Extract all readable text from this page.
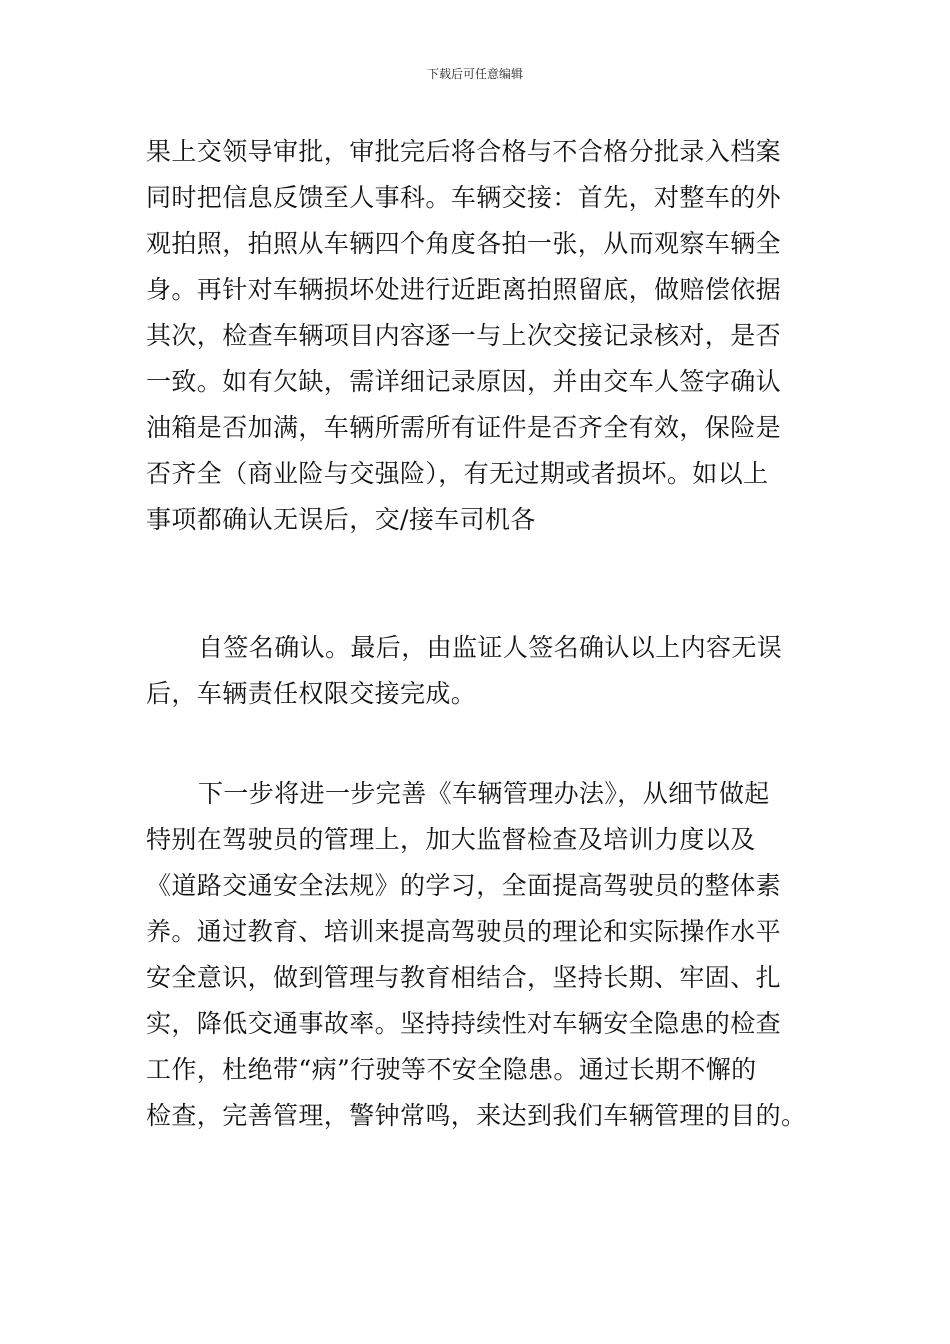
下载后可任意编辑
果上交领导审批，审批完后将合格与不合格分批录入档案
同时把信息反馈至人事科。车辆交接：首先，对整车的外
观拍照，拍照从车辆四个角度各拍一张，从而观察车辆全
身。再针对车辆损坏处进行近距离拍照留底，做赔偿依据
其次，检查车辆项目内容逐一与上次交接记录核对，是否
一致。如有欠缺，需详细记录原因，并由交车人签字确认
油箱是否加满，车辆所需所有证件是否齐全有效，保险是
否齐全（商业险与交强险），有无过期或者损坏。如以上
事项都确认无误后，交/接车司机各
自签名确认。最后，由监证人签名确认以上内容无误
后，车辆责任权限交接完成。
下一步将进一步完善《车辆管理办法》，从细节做起
特别在驾驶员的管理上，加大监督检查及培训力度以及
《道路交通安全法规》的学习，全面提高驾驶员的整体素
养。通过教育、培训来提高驾驶员的理论和实际操作水平
安全意识，做到管理与教育相结合，坚持长期、牢固、扎
实，降低交通事故率。坚持持续性对车辆安全隐患的检查
工作，杜绝带“病”行驶等不安全隐患。通过长期不懈的
检查，完善管理，警钟常鸣，来达到我们车辆管理的目的。
